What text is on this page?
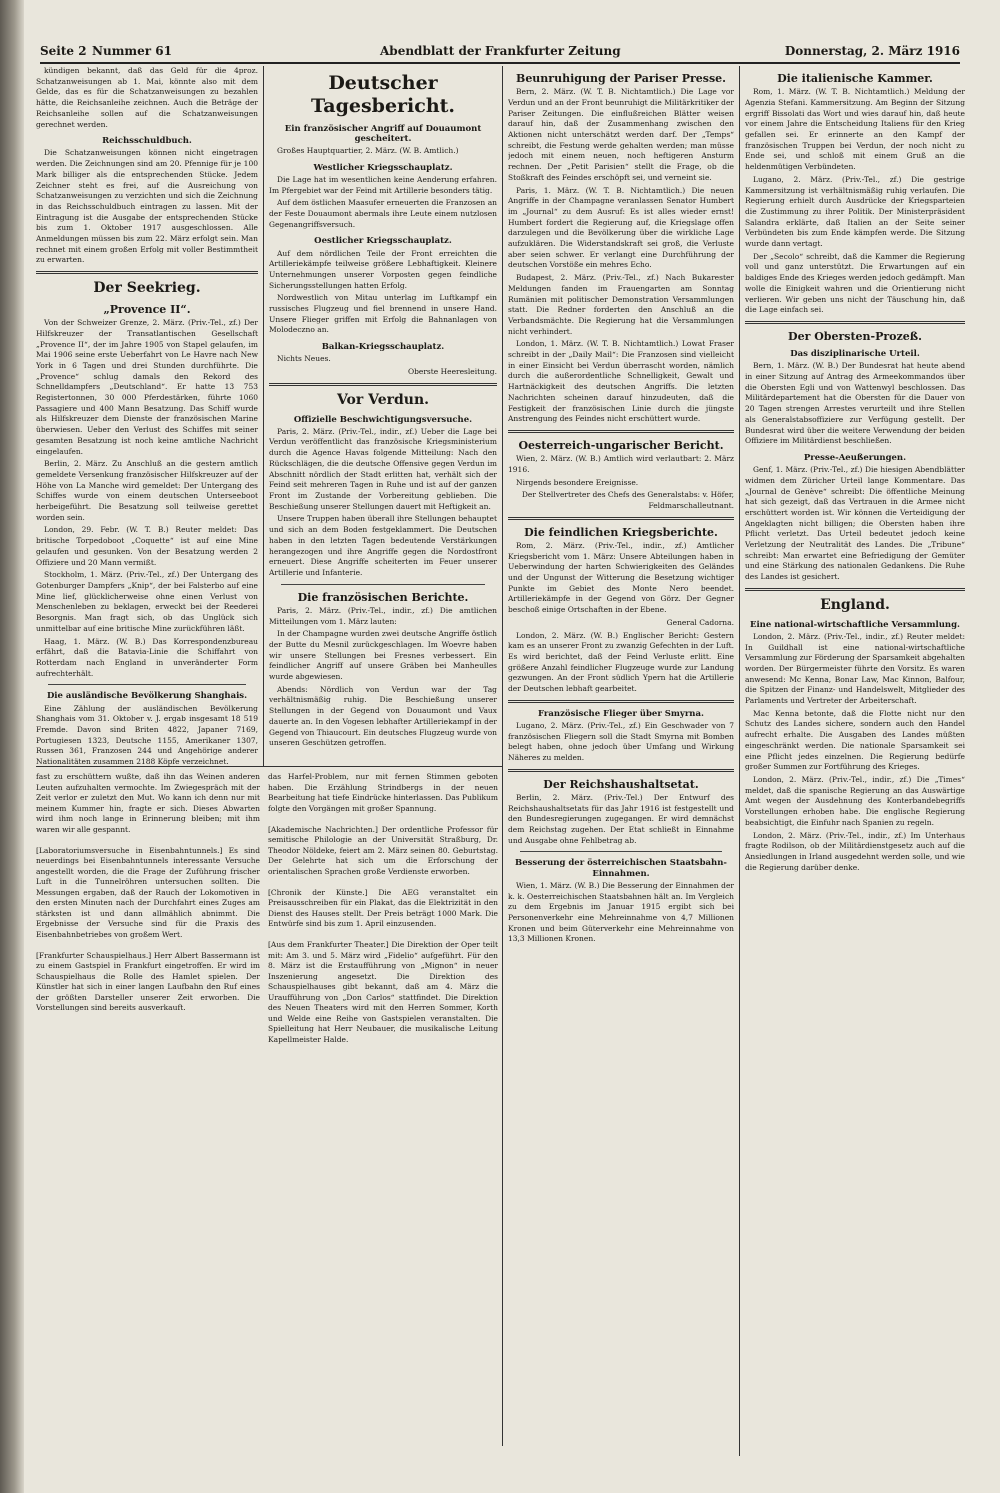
Seite 2 Nummer 61	Abendblatt der Frankfurter Zeitung	Donnerstag, 2. März 1916

kündigen bekannt, daß das Geld für die 4proz. Schatzanweisungen ab 1. Mai, könnte also mit dem Gelde, das es für die Schatzanweisungen zu bezahlen hätte, die Reichsanleihe zeichnen. Auch die Beträge der Reichsanleihe sollen auf die Schatzanweisungen gerechnet werden.

Reichsschuldbuch.

Die Schatzanweisungen können nicht eingetragen werden. Die Zeichnungen sind am 20. Pfennige für je 100 Mark billiger als die entsprechenden Stücke. Jedem Zeichner steht es frei, auf die Ausreichung von Schatzanweisungen zu verzichten und sich die Zeichnung in das Reichsschuldbuch eintragen zu lassen. Mit der Eintragung ist die Ausgabe der entsprechenden Stücke bis zum 1. Oktober 1917 ausgeschlossen. Alle Anmeldungen müssen bis zum 22. März erfolgt sein. Man rechnet mit einem großen Erfolg mit voller Bestimmtheit zu erwarten.

Der Seekrieg.
„Provence II“.

Von der Schweizer Grenze, 2. März. (Priv.-Tel., zf.) Der Hilfskreuzer der Transatlantischen Gesellschaft „Provence II“, der im Jahre 1905 von Stapel gelaufen, im Mai 1906 seine erste Ueberfahrt von Le Havre nach New York in 6 Tagen und drei Stunden durchführte. Die „Provence“ schlug damals den Rekord des Schnelldampfers „Deutschland“. Er hatte 13 753 Registertonnen, 30 000 Pferdestärken, führte 1060 Passagiere und 400 Mann Besatzung. Das Schiff wurde als Hilfskreuzer dem Dienste der französischen Marine überwiesen. Ueber den Verlust des Schiffes mit seiner gesamten Besatzung ist noch keine amtliche Nachricht eingelaufen.

Berlin, 2. März. Zu Anschluß an die gestern amtlich gemeldete Versenkung französischer Hilfskreuzer auf der Höhe von La Manche wird gemeldet: Der Untergang des Schiffes wurde von einem deutschen Unterseeboot herbeigeführt. Die Besatzung soll teilweise gerettet worden sein.

London, 29. Febr. (W. T. B.) Reuter meldet: Das britische Torpedoboot „Coquette“ ist auf eine Mine gelaufen und gesunken. Von der Besatzung werden 2 Offiziere und 20 Mann vermißt.

Stockholm, 1. März. (Priv.-Tel., zf.) Der Untergang des Gotenburger Dampfers „Knip“, der bei Falsterbo auf eine Mine lief, glücklicherweise ohne einen Verlust von Menschenleben zu beklagen, erweckt bei der Reederei Besorgnis. Man fragt sich, ob das Unglück sich unmittelbar auf eine britische Mine zurückführen läßt.

Haag, 1. März. (W. B.) Das Korrespondenzbureau erfährt, daß die Batavia-Linie die Schiffahrt von Rotterdam nach England in unveränderter Form aufrechterhält.

Die ausländische Bevölkerung Shanghais.

Eine Zählung der ausländischen Bevölkerung Shanghais vom 31. Oktober v. J. ergab insgesamt 18 519 Fremde. Davon sind Briten 4822, Japaner 7169, Portugiesen 1323, Deutsche 1155, Amerikaner 1307, Russen 361, Franzosen 244 und Angehörige anderer Nationalitäten zusammen 2188 Köpfe verzeichnet.

Deutscher Tagesbericht.
Ein französischer Angriff auf Douaumont gescheitert.

Großes Hauptquartier, 2. März. (W. B. Amtlich.)

Westlicher Kriegsschauplatz.

Die Lage hat im wesentlichen keine Aenderung erfahren. Im Pfergebiet war der Feind mit Artillerie besonders tätig.

Auf dem östlichen Maasufer erneuerten die Franzosen an der Feste Douaumont abermals ihre Leute einem nutzlosen Gegenangriffsversuch.

Oestlicher Kriegsschauplatz.

Auf dem nördlichen Teile der Front erreichten die Artilleriekämpfe teilweise größere Lebhaftigkeit. Kleinere Unternehmungen unserer Vorposten gegen feindliche Sicherungsstellungen hatten Erfolg.

Nordwestlich von Mitau unterlag im Luftkampf ein russisches Flugzeug und fiel brennend in unsere Hand. Unsere Flieger griffen mit Erfolg die Bahnanlagen von Molodeczno an.

Balkan-Kriegsschauplatz.

Nichts Neues.

Oberste Heeresleitung.
Vor Verdun.
Offizielle Beschwichtigungsversuche.

Paris, 2. März. (Priv.-Tel., indir., zf.) Ueber die Lage bei Verdun veröffentlicht das französische Kriegsministerium durch die Agence Havas folgende Mitteilung: Nach den Rückschlägen, die die deutsche Offensive gegen Verdun im Abschnitt nördlich der Stadt erlitten hat, verhält sich der Feind seit mehreren Tagen in Ruhe und ist auf der ganzen Front im Zustande der Vorbereitung geblieben. Die Beschießung unserer Stellungen dauert mit Heftigkeit an.

Unsere Truppen haben überall ihre Stellungen behauptet und sich an dem Boden festgeklammert. Die Deutschen haben in den letzten Tagen bedeutende Verstärkungen herangezogen und ihre Angriffe gegen die Nordostfront erneuert. Diese Angriffe scheiterten im Feuer unserer Artillerie und Infanterie.

Die französischen Berichte.

Paris, 2. März. (Priv.-Tel., indir., zf.) Die amtlichen Mitteilungen vom 1. März lauten:

In der Champagne wurden zwei deutsche Angriffe östlich der Butte du Mesnil zurückgeschlagen. Im Woevre haben wir unsere Stellungen bei Fresnes verbessert. Ein feindlicher Angriff auf unsere Gräben bei Manheulles wurde abgewiesen.

Abends: Nördlich von Verdun war der Tag verhältnismäßig ruhig. Die Beschießung unserer Stellungen in der Gegend von Douaumont und Vaux dauerte an. In den Vogesen lebhafter Artilleriekampf in der Gegend von Thiaucourt. Ein deutsches Flugzeug wurde von unseren Geschützen getroffen.

Beunruhigung der Pariser Presse.

Bern, 2. März. (W. T. B. Nichtamtlich.) Die Lage vor Verdun und an der Front beunruhigt die Militärkritiker der Pariser Zeitungen. Die einflußreichen Blätter weisen darauf hin, daß der Zusammenhang zwischen den Aktionen nicht unterschätzt werden darf. Der „Temps“ schreibt, die Festung werde gehalten werden; man müsse jedoch mit einem neuen, noch heftigeren Ansturm rechnen. Der „Petit Parisien“ stellt die Frage, ob die Stoßkraft des Feindes erschöpft sei, und verneint sie.

Paris, 1. März. (W. T. B. Nichtamtlich.) Die neuen Angriffe in der Champagne veranlassen Senator Humbert im „Journal“ zu dem Ausruf: Es ist alles wieder ernst! Humbert fordert die Regierung auf, die Kriegslage offen darzulegen und die Bevölkerung über die wirkliche Lage aufzuklären. Die Widerstandskraft sei groß, die Verluste aber seien schwer. Er verlangt eine Durchführung der deutschen Vorstöße ein mehres Echo.

Budapest, 2. März. (Priv.-Tel., zf.) Nach Bukarester Meldungen fanden im Frauengarten am Sonntag Rumänien mit politischer Demonstration Versammlungen statt. Die Redner forderten den Anschluß an die Verbandsmächte. Die Regierung hat die Versammlungen nicht verhindert.

London, 1. März. (W. T. B. Nichtamtlich.) Lowat Fraser schreibt in der „Daily Mail“: Die Franzosen sind vielleicht in einer Einsicht bei Verdun überrascht worden, nämlich durch die außerordentliche Schnelligkeit, Gewalt und Hartnäckigkeit des deutschen Angriffs. Die letzten Nachrichten scheinen darauf hinzudeuten, daß die Festigkeit der französischen Linie durch die jüngste Anstrengung des Feindes nicht erschüttert wurde.

Oesterreich-ungarischer Bericht.

Wien, 2. März. (W. B.) Amtlich wird verlautbart: 2. März 1916.

Nirgends besondere Ereignisse.

Der Stellvertreter des Chefs des Generalstabs: v. Höfer, Feldmarschalleutnant.
Die feindlichen Kriegsberichte.

Rom, 2. März. (Priv.-Tel., indir., zf.) Amtlicher Kriegsbericht vom 1. März: Unsere Abteilungen haben in Ueberwindung der harten Schwierigkeiten des Geländes und der Ungunst der Witterung die Besetzung wichtiger Punkte im Gebiet des Monte Nero beendet. Artilleriekämpfe in der Gegend von Görz. Der Gegner beschoß einige Ortschaften in der Ebene.

General Cadorna.

London, 2. März. (W. B.) Englischer Bericht: Gestern kam es an unserer Front zu zwanzig Gefechten in der Luft. Es wird berichtet, daß der Feind Verluste erlitt. Eine größere Anzahl feindlicher Flugzeuge wurde zur Landung gezwungen. An der Front südlich Ypern hat die Artillerie der Deutschen lebhaft gearbeitet.

Französische Flieger über Smyrna.

Lugano, 2. März. (Priv.-Tel., zf.) Ein Geschwader von 7 französischen Fliegern soll die Stadt Smyrna mit Bomben belegt haben, ohne jedoch über Umfang und Wirkung Näheres zu melden.

Der Reichshaushaltsetat.

Berlin, 2. März. (Priv.-Tel.) Der Entwurf des Reichshaushaltsetats für das Jahr 1916 ist festgestellt und den Bundesregierungen zugegangen. Er wird demnächst dem Reichstag zugehen. Der Etat schließt in Einnahme und Ausgabe ohne Fehlbetrag ab.

Besserung der österreichischen Staatsbahn-Einnahmen.

Wien, 1. März. (W. B.) Die Besserung der Einnahmen der k. k. Oesterreichischen Staatsbahnen hält an. Im Vergleich zu dem Ergebnis im Januar 1915 ergibt sich bei Personenverkehr eine Mehreinnahme von 4,7 Millionen Kronen und beim Güterverkehr eine Mehreinnahme von 13,3 Millionen Kronen.

Die italienische Kammer.

Rom, 1. März. (W. T. B. Nichtamtlich.) Meldung der Agenzia Stefani. Kammersitzung. Am Beginn der Sitzung ergriff Bissolati das Wort und wies darauf hin, daß heute vor einem Jahre die Entscheidung Italiens für den Krieg gefallen sei. Er erinnerte an den Kampf der französischen Truppen bei Verdun, der noch nicht zu Ende sei, und schloß mit einem Gruß an die heldenmütigen Verbündeten.

Lugano, 2. März. (Priv.-Tel., zf.) Die gestrige Kammersitzung ist verhältnismäßig ruhig verlaufen. Die Regierung erhielt durch Ausdrücke der Kriegsparteien die Zustimmung zu ihrer Politik. Der Ministerpräsident Salandra erklärte, daß Italien an der Seite seiner Verbündeten bis zum Ende kämpfen werde. Die Sitzung wurde dann vertagt.

Der „Secolo“ schreibt, daß die Kammer die Regierung voll und ganz unterstützt. Die Erwartungen auf ein baldiges Ende des Krieges werden jedoch gedämpft. Man wolle die Einigkeit wahren und die Orientierung nicht verlieren. Wir geben uns nicht der Täuschung hin, daß die Lage einfach sei.

Der Obersten-Prozeß.
Das disziplinarische Urteil.

Bern, 1. März. (W. B.) Der Bundesrat hat heute abend in einer Sitzung auf Antrag des Armeekommandos über die Obersten Egli und von Wattenwyl beschlossen. Das Militärdepartement hat die Obersten für die Dauer von 20 Tagen strengen Arrestes verurteilt und ihre Stellen als Generalstabsoffiziere zur Verfügung gestellt. Der Bundesrat wird über die weitere Verwendung der beiden Offiziere im Militärdienst beschließen.

Presse-Aeußerungen.

Genf, 1. März. (Priv.-Tel., zf.) Die hiesigen Abendblätter widmen dem Züricher Urteil lange Kommentare. Das „Journal de Genève“ schreibt: Die öffentliche Meinung hat sich gezeigt, daß das Vertrauen in die Armee nicht erschüttert worden ist. Wir können die Verteidigung der Angeklagten nicht billigen; die Obersten haben ihre Pflicht verletzt. Das Urteil bedeutet jedoch keine Verletzung der Neutralität des Landes. Die „Tribune“ schreibt: Man erwartet eine Befriedigung der Gemüter und eine Stärkung des nationalen Gedankens. Die Ruhe des Landes ist gesichert.

England.
Eine national-wirtschaftliche Versammlung.

London, 2. März. (Priv.-Tel., indir., zf.) Reuter meldet: In Guildhall ist eine national-wirtschaftliche Versammlung zur Förderung der Sparsamkeit abgehalten worden. Der Bürgermeister führte den Vorsitz. Es waren anwesend: Mc Kenna, Bonar Law, Mac Kinnon, Balfour, die Spitzen der Finanz- und Handelswelt, Mitglieder des Parlaments und Vertreter der Arbeiterschaft.

Mac Kenna betonte, daß die Flotte nicht nur den Schutz des Landes sichere, sondern auch den Handel aufrecht erhalte. Die Ausgaben des Landes müßten eingeschränkt werden. Die nationale Sparsamkeit sei eine Pflicht jedes einzelnen. Die Regierung bedürfe großer Summen zur Fortführung des Krieges.

London, 2. März. (Priv.-Tel., indir., zf.) Die „Times“ meldet, daß die spanische Regierung an das Auswärtige Amt wegen der Ausdehnung des Konterbandebegriffs Vorstellungen erhoben habe. Die englische Regierung beabsichtigt, die Einfuhr nach Spanien zu regeln.

London, 2. März. (Priv.-Tel., indir., zf.) Im Unterhaus fragte Rodilson, ob der Militärdienstgesetz auch auf die Ansiedlungen in Irland ausgedehnt werden solle, und wie die Regierung darüber denke.

fast zu erschüttern wußte, daß ihn das Weinen anderen Leuten aufzuhalten vermochte. Im Zwiegespräch mit der Zeit verlor er zuletzt den Mut. Wo kann ich denn nur mit meinem Kummer hin, fragte er sich. Dieses Abwarten wird ihm noch lange in Erinnerung bleiben; mit ihm waren wir alle gespannt.

[Laboratoriumsversuche in Eisenbahntunnels.] Es sind neuerdings bei Eisenbahntunnels interessante Versuche angestellt worden, die die Frage der Zuführung frischer Luft in die Tunnelröhren untersuchen sollten. Die Messungen ergaben, daß der Rauch der Lokomotiven in den ersten Minuten nach der Durchfahrt eines Zuges am stärksten ist und dann allmählich abnimmt. Die Ergebnisse der Versuche sind für die Praxis des Eisenbahnbetriebes von großem Wert.

[Frankfurter Schauspielhaus.] Herr Albert Bassermann ist zu einem Gastspiel in Frankfurt eingetroffen. Er wird im Schauspielhaus die Rolle des Hamlet spielen. Der Künstler hat sich in einer langen Laufbahn den Ruf eines der größten Darsteller unserer Zeit erworben. Die Vorstellungen sind bereits ausverkauft.
das Harfel-Problem, nur mit fernen Stimmen geboten haben. Die Erzählung Strindbergs in der neuen Bearbeitung hat tiefe Eindrücke hinterlassen. Das Publikum folgte den Vorgängen mit großer Spannung.

[Akademische Nachrichten.] Der ordentliche Professor für semitische Philologie an der Universität Straßburg, Dr. Theodor Nöldeke, feiert am 2. März seinen 80. Geburtstag. Der Gelehrte hat sich um die Erforschung der orientalischen Sprachen große Verdienste erworben.

[Chronik der Künste.] Die AEG veranstaltet ein Preisausschreiben für ein Plakat, das die Elektrizität in den Dienst des Hauses stellt. Der Preis beträgt 1000 Mark. Die Entwürfe sind bis zum 1. April einzusenden.

[Aus dem Frankfurter Theater.] Die Direktion der Oper teilt mit: Am 3. und 5. März wird „Fidelio“ aufgeführt. Für den 8. März ist die Erstaufführung von „Mignon“ in neuer Inszenierung angesetzt. Die Direktion des Schauspielhauses gibt bekannt, daß am 4. März die Uraufführung von „Don Carlos“ stattfindet. Die Direktion des Neuen Theaters wird mit den Herren Sommer, Korth und Welde eine Reihe von Gastspielen veranstalten. Die Spielleitung hat Herr Neubauer, die musikalische Leitung Kapellmeister Halde.
